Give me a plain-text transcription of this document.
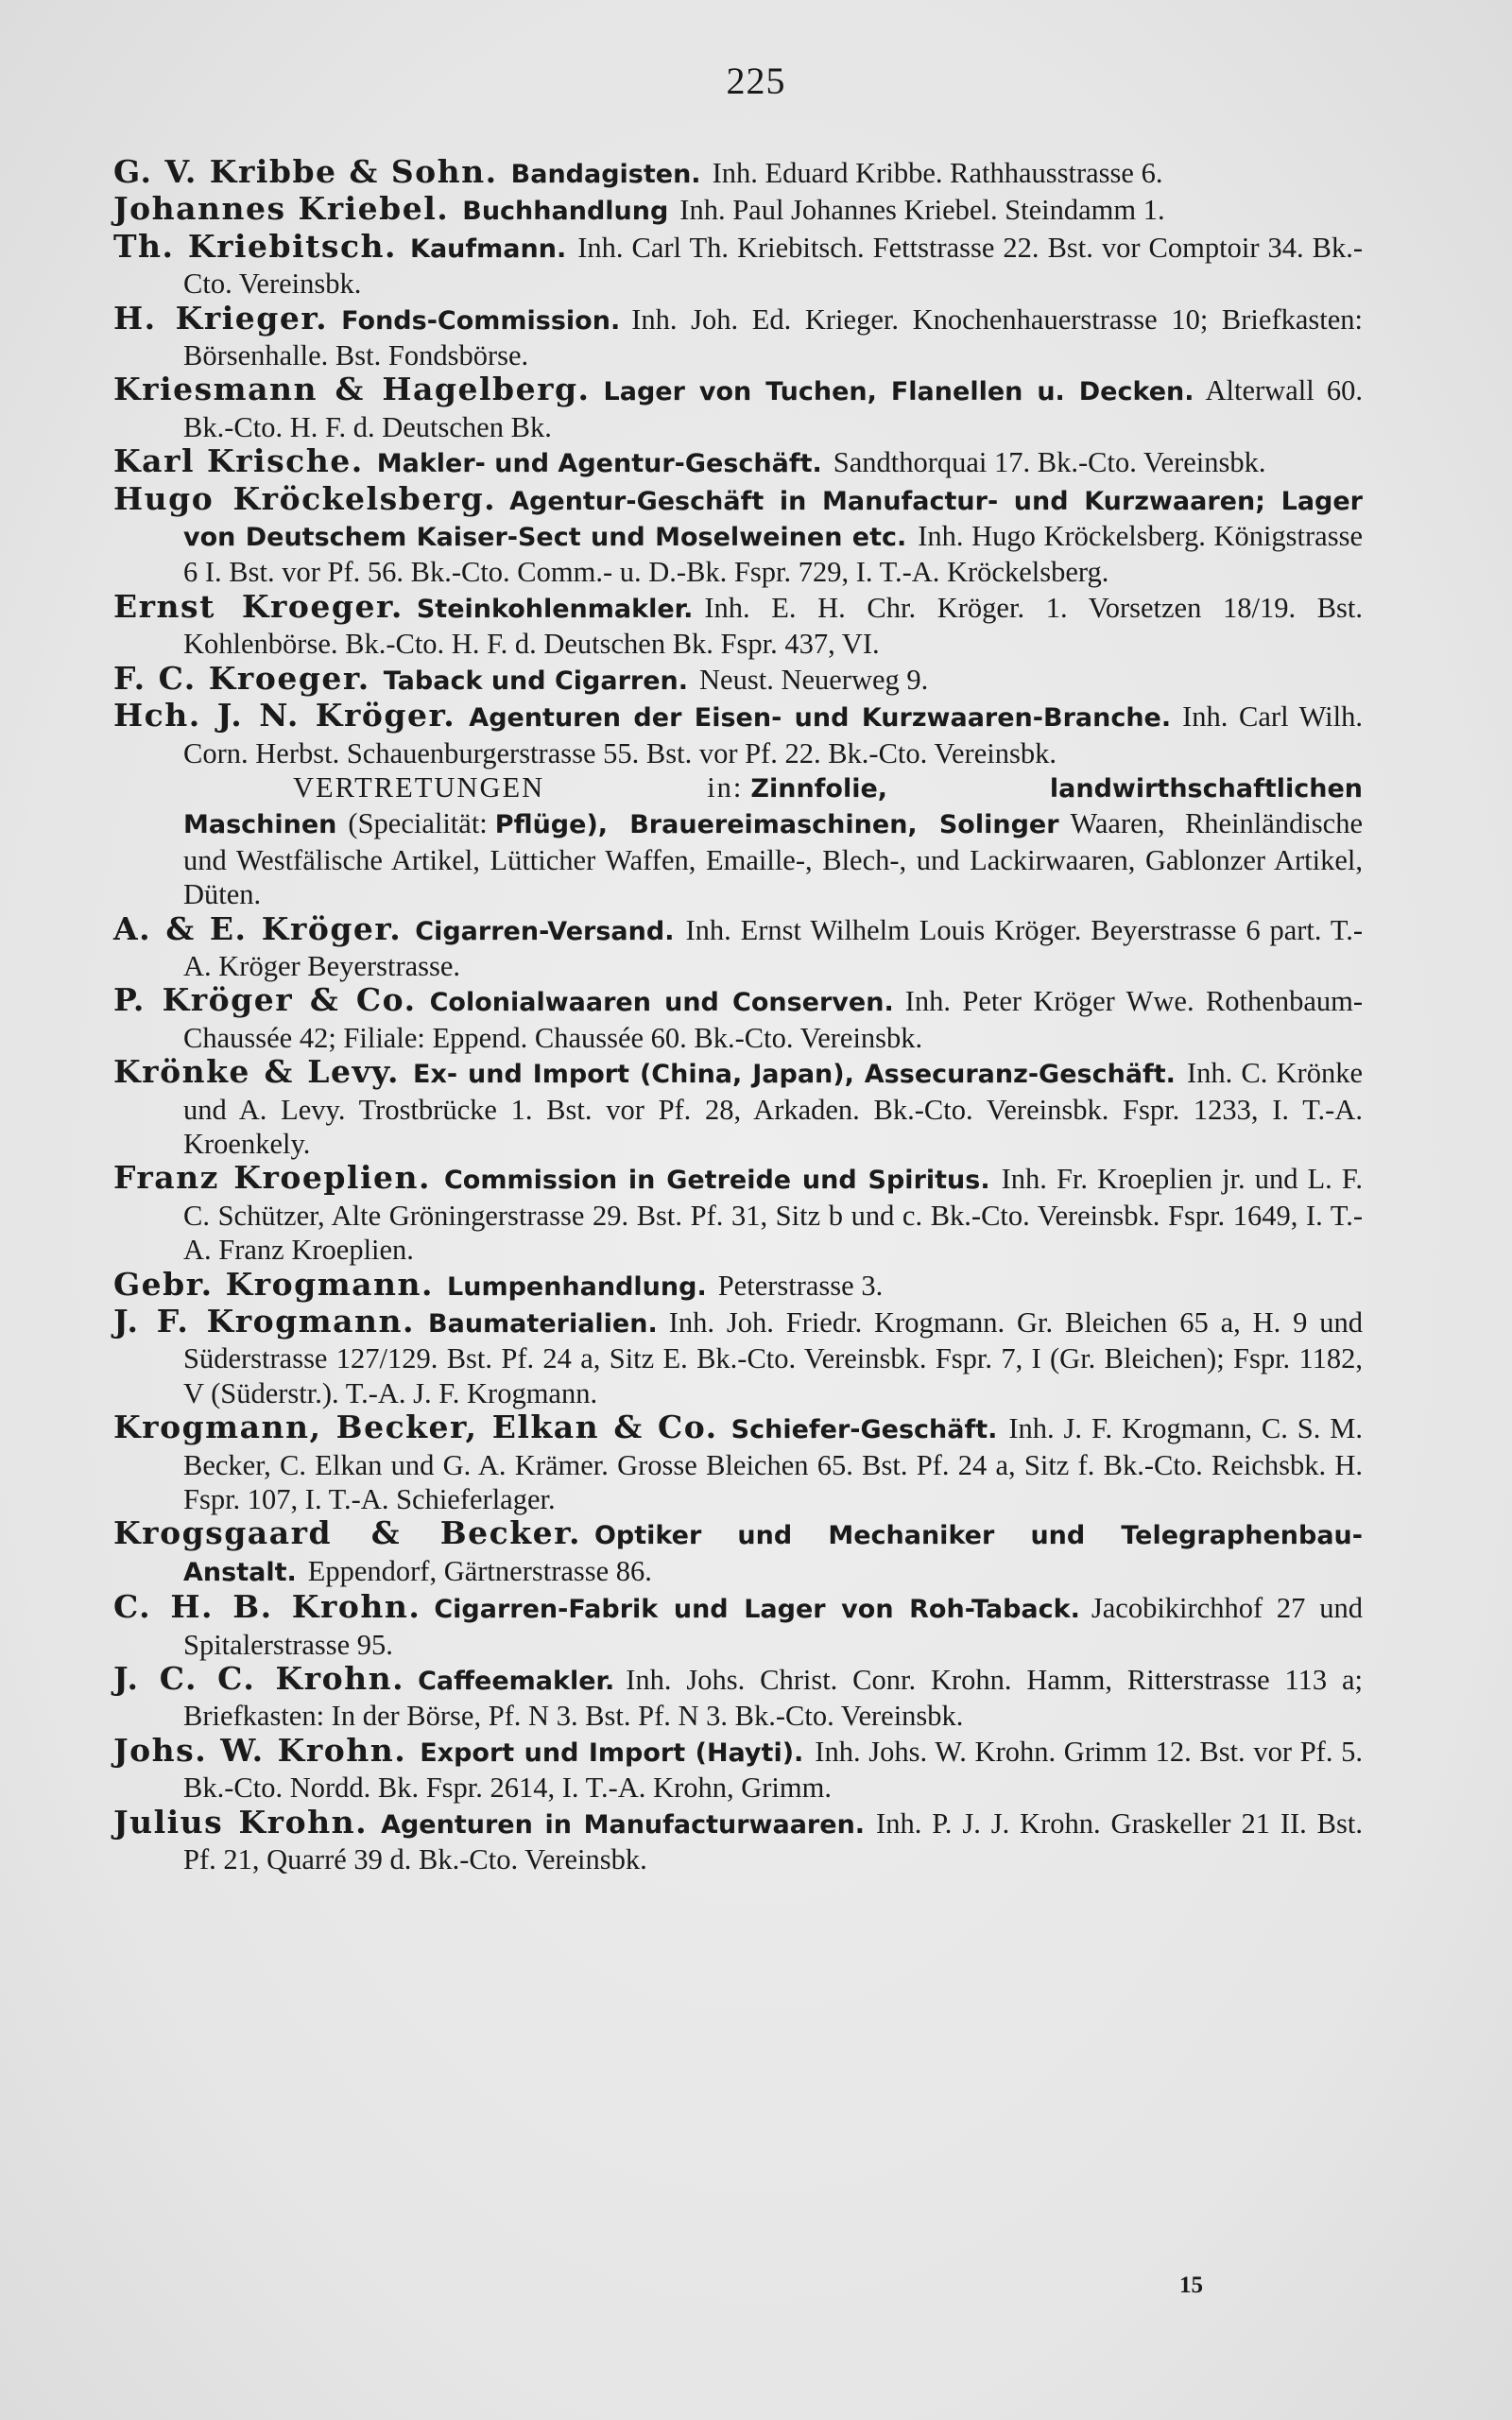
225

G. V. Kribbe & Sohn. Bandagisten. Inh. Eduard Kribbe. Rathhausstrasse 6.

Johannes Kriebel. Buchhandlung Inh. Paul Johannes Kriebel. Steindamm 1.

Th. Kriebitsch. Kaufmann. Inh. Carl Th. Kriebitsch. Fettstrasse 22. Bst. vor Comptoir 34. Bk.-Cto. Vereinsbk.

H. Krieger. Fonds-Commission. Inh. Joh. Ed. Krieger. Knochenhauerstrasse 10; Briefkasten: Börsenhalle. Bst. Fondsbörse.

Kriesmann & Hagelberg. Lager von Tuchen, Flanellen u. Decken. Alterwall 60. Bk.-Cto. H. F. d. Deutschen Bk.

Karl Krische. Makler- und Agentur-Geschäft. Sandthorquai 17. Bk.-Cto. Vereinsbk.

Hugo Kröckelsberg. Agentur-Geschäft in Manufactur- und Kurzwaaren; Lager von Deutschem Kaiser-Sect und Moselweinen etc. Inh. Hugo Kröckelsberg. Königstrasse 6 I. Bst. vor Pf. 56. Bk.-Cto. Comm.- u. D.-Bk. Fspr. 729, I. T.-A. Kröckelsberg.

Ernst Kroeger. Steinkohlenmakler. Inh. E. H. Chr. Kröger. 1. Vorsetzen 18/19. Bst. Kohlenbörse. Bk.-Cto. H. F. d. Deutschen Bk. Fspr. 437, VI.

F. C. Kroeger. Taback und Cigarren. Neust. Neuerweg 9.

Hch. J. N. Kröger. Agenturen der Eisen- und Kurzwaaren-Branche. Inh. Carl Wilh. Corn. Herbst. Schauenburgerstrasse 55. Bst. vor Pf. 22. Bk.-Cto. Vereinsbk.

VERTRETUNGEN in: Zinnfolie, landwirthschaftlichen Maschinen (Specialität: Pflüge), Brauereimaschinen, Solinger Waaren, Rheinländische und Westfälische Artikel, Lütticher Waffen, Emaille-, Blech-, und Lackirwaaren, Gablonzer Artikel, Düten.

A. & E. Kröger. Cigarren-Versand. Inh. Ernst Wilhelm Louis Kröger. Beyerstrasse 6 part. T.-A. Kröger Beyerstrasse.

P. Kröger & Co. Colonialwaaren und Conserven. Inh. Peter Kröger Wwe. Rothenbaum-Chaussée 42; Filiale: Eppend. Chaussée 60. Bk.-Cto. Vereinsbk.

Krönke & Levy. Ex- und Import (China, Japan), Assecuranz-Geschäft. Inh. C. Krönke und A. Levy. Trostbrücke 1. Bst. vor Pf. 28, Arkaden. Bk.-Cto. Vereinsbk. Fspr. 1233, I. T.-A. Kroenkely.

Franz Kroeplien. Commission in Getreide und Spiritus. Inh. Fr. Kroeplien jr. und L. F. C. Schützer, Alte Gröningerstrasse 29. Bst. Pf. 31, Sitz b und c. Bk.-Cto. Vereinsbk. Fspr. 1649, I. T.-A. Franz Kroeplien.

Gebr. Krogmann. Lumpenhandlung. Peterstrasse 3.

J. F. Krogmann. Baumaterialien. Inh. Joh. Friedr. Krogmann. Gr. Bleichen 65 a, H. 9 und Süderstrasse 127/129. Bst. Pf. 24 a, Sitz E. Bk.-Cto. Vereinsbk. Fspr. 7, I (Gr. Bleichen); Fspr. 1182, V (Süderstr.). T.-A. J. F. Krogmann.

Krogmann, Becker, Elkan & Co. Schiefer-Geschäft. Inh. J. F. Krogmann, C. S. M. Becker, C. Elkan und G. A. Krämer. Grosse Bleichen 65. Bst. Pf. 24 a, Sitz f. Bk.-Cto. Reichsbk. H. Fspr. 107, I. T.-A. Schieferlager.

Krogsgaard & Becker. Optiker und Mechaniker und Telegraphenbau-Anstalt. Eppendorf, Gärtnerstrasse 86.

C. H. B. Krohn. Cigarren-Fabrik und Lager von Roh-Taback. Jacobikirchhof 27 und Spitalerstrasse 95.

J. C. C. Krohn. Caffeemakler. Inh. Johs. Christ. Conr. Krohn. Hamm, Ritterstrasse 113 a; Briefkasten: In der Börse, Pf. N 3. Bst. Pf. N 3. Bk.-Cto. Vereinsbk.

Johs. W. Krohn. Export und Import (Hayti). Inh. Johs. W. Krohn. Grimm 12. Bst. vor Pf. 5. Bk.-Cto. Nordd. Bk. Fspr. 2614, I. T.-A. Krohn, Grimm.

Julius Krohn. Agenturen in Manufacturwaaren. Inh. P. J. J. Krohn. Graskeller 21 II. Bst. Pf. 21, Quarré 39 d. Bk.-Cto. Vereinsbk.

15
